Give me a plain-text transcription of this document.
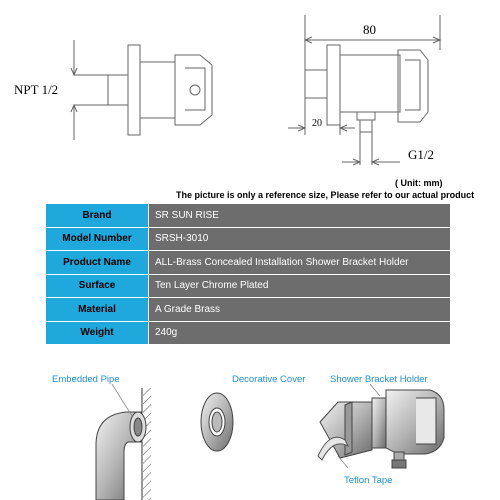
NPT 1/2
80
20
G1/2
( Unit: mm)
The picture is only a reference size, Please refer to our actual product
Brand	SR SUN RISE
Model Number	SRSH-3010
Product Name	ALL-Brass Concealed Installation Shower Bracket Holder
Surface	Ten Layer Chrome Plated
Material	A Grade Brass
Weight	240g
Embedded Pipe	Decorative Cover	Shower Bracket Holder
Teflon Tape
